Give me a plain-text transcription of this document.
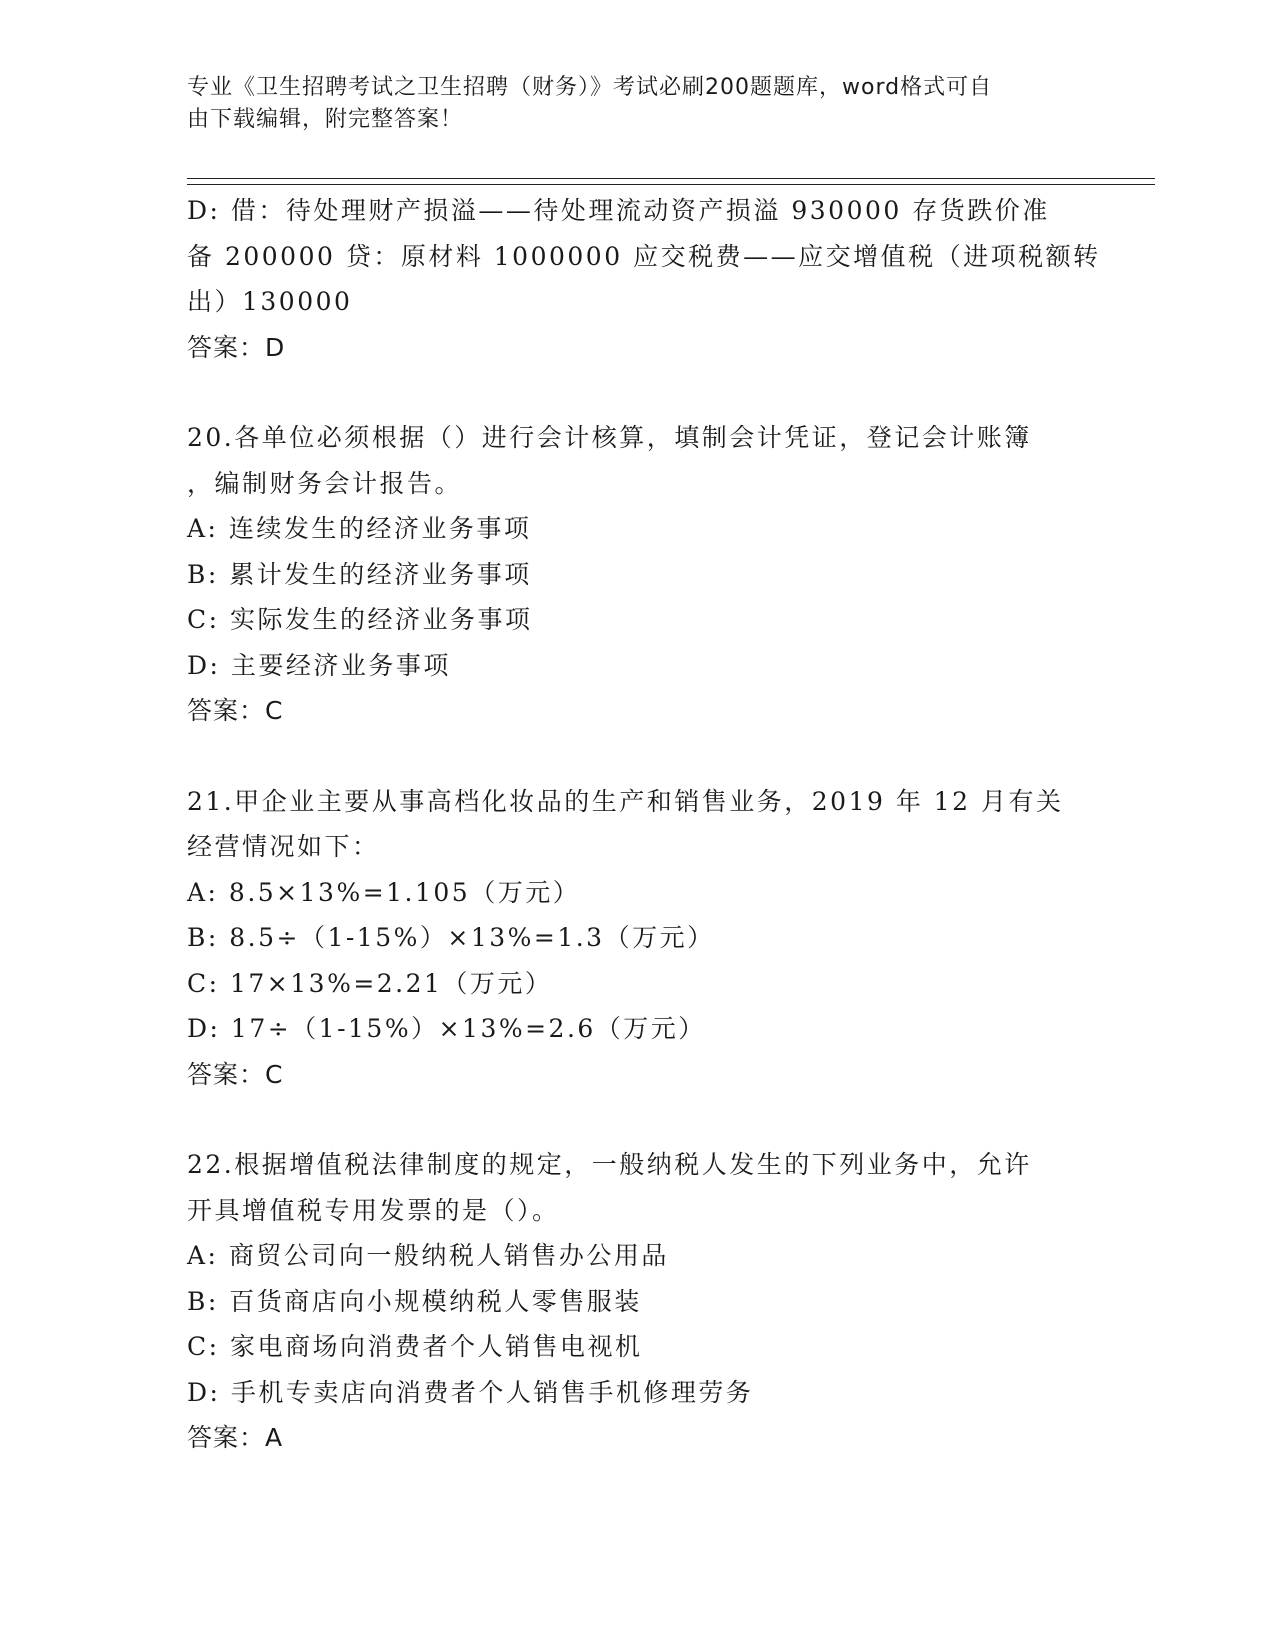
专业《卫生招聘考试之卫生招聘（财务）》考试必刷200题题库，word格式可自
由下载编辑，附完整答案！
D: 借：待处理财产损溢——待处理流动资产损溢 930000 存货跌价准
备 200000 贷：原材料 1000000 应交税费——应交增值税（进项税额转
出）130000
答案：D
20.各单位必须根据（）进行会计核算，填制会计凭证，登记会计账簿
，编制财务会计报告。
A: 连续发生的经济业务事项
B: 累计发生的经济业务事项
C: 实际发生的经济业务事项
D: 主要经济业务事项
答案：C
21.甲企业主要从事高档化妆品的生产和销售业务，2019 年 12 月有关
经营情况如下：
A: 8.5×13%=1.105（万元）
B: 8.5÷（1-15%）×13%=1.3（万元）
C: 17×13%=2.21（万元）
D: 17÷（1-15%）×13%=2.6（万元）
答案：C
22.根据增值税法律制度的规定，一般纳税人发生的下列业务中，允许
开具增值税专用发票的是（）。
A: 商贸公司向一般纳税人销售办公用品
B: 百货商店向小规模纳税人零售服装
C: 家电商场向消费者个人销售电视机
D: 手机专卖店向消费者个人销售手机修理劳务
答案：A
